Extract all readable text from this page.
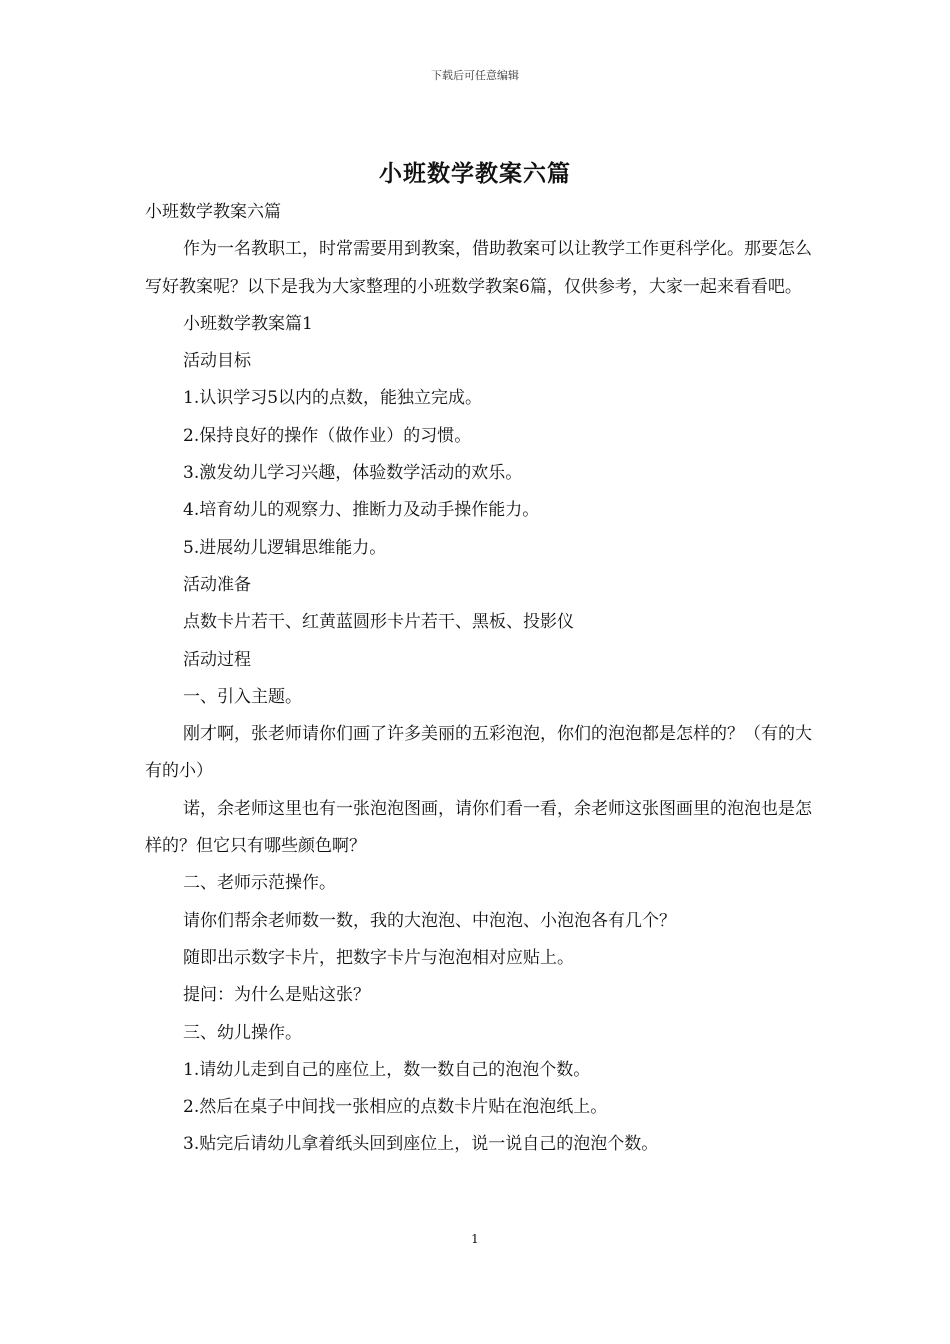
下载后可任意编辑
小班数学教案六篇

小班数学教案六篇

作为一名教职工，时常需要用到教案，借助教案可以让教学工作更科学化。那要怎么写好教案呢？以下是我为大家整理的小班数学教案6篇，仅供参考，大家一起来看看吧。

小班数学教案篇1

活动目标

1.认识学习5以内的点数，能独立完成。

2.保持良好的操作（做作业）的习惯。

3.激发幼儿学习兴趣，体验数学活动的欢乐。

4.培育幼儿的观察力、推断力及动手操作能力。

5.进展幼儿逻辑思维能力。

活动准备

点数卡片若干、红黄蓝圆形卡片若干、黑板、投影仪

活动过程

一、引入主题。

刚才啊，张老师请你们画了许多美丽的五彩泡泡，你们的泡泡都是怎样的？（有的大有的小）

诺，余老师这里也有一张泡泡图画，请你们看一看，余老师这张图画里的泡泡也是怎样的？但它只有哪些颜色啊？

二、老师示范操作。

请你们帮余老师数一数，我的大泡泡、中泡泡、小泡泡各有几个？

随即出示数字卡片，把数字卡片与泡泡相对应贴上。

提问：为什么是贴这张？

三、幼儿操作。

1.请幼儿走到自己的座位上，数一数自己的泡泡个数。

2.然后在桌子中间找一张相应的点数卡片贴在泡泡纸上。

3.贴完后请幼儿拿着纸头回到座位上，说一说自己的泡泡个数。

1
